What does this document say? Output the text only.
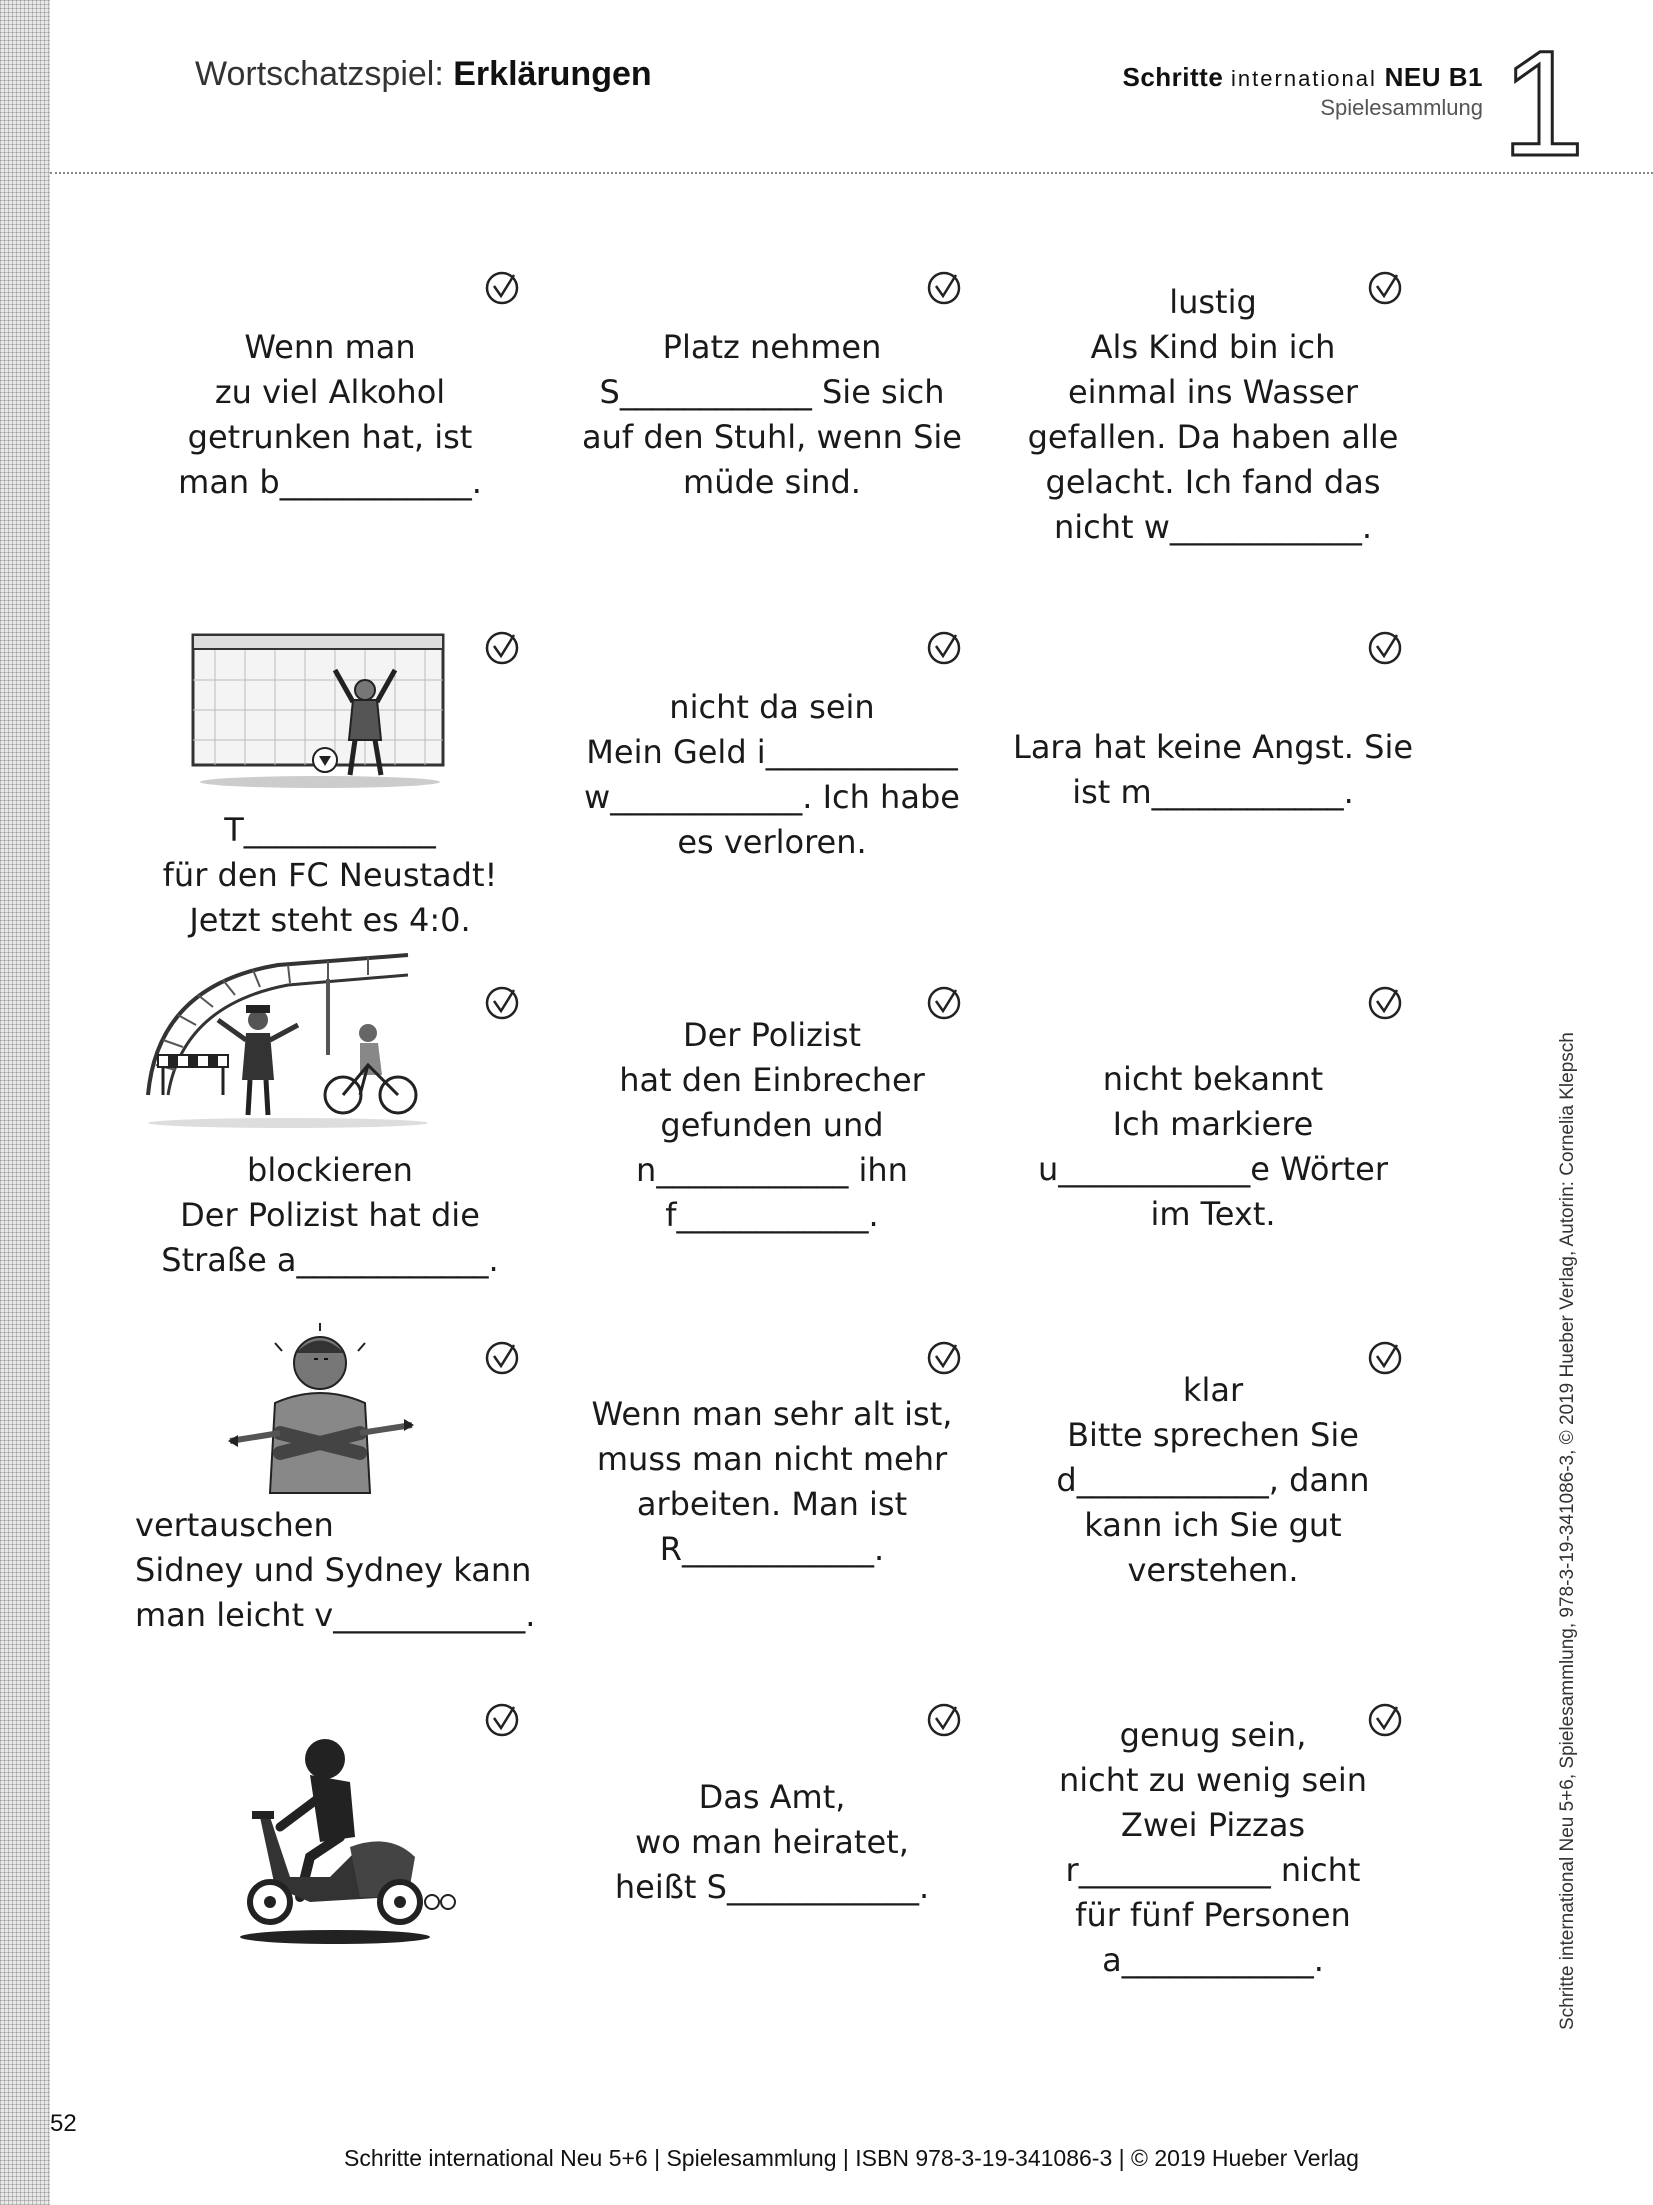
Wortschatzspiel: Erklärungen	Schritte international NEU B1
Spielesammlung 1
Wenn man
zu viel Alkohol
getrunken hat, ist
man b____________.
Platz nehmen
S____________ Sie sich
auf den Stuhl, wenn Sie
müde sind.
lustig
Als Kind bin ich
einmal ins Wasser
gefallen. Da haben alle
gelacht. Ich fand das
nicht w____________.
T____________
für den FC Neustadt!
Jetzt steht es 4:0.
nicht da sein
Mein Geld i____________
w____________. Ich habe
es verloren.
Lara hat keine Angst. Sie
ist m____________.
blockieren
Der Polizist hat die
Straße a____________.
Der Polizist
hat den Einbrecher
gefunden und
n____________ ihn
f____________.
nicht bekannt
Ich markiere
u____________e Wörter
im Text.
vertauschen
Sidney und Sydney kann
man leicht v____________.
Wenn man sehr alt ist,
muss man nicht mehr
arbeiten. Man ist
R____________.
klar
Bitte sprechen Sie
d____________, dann
kann ich Sie gut
verstehen.
Das Amt,
wo man heiratet,
heißt S____________.
genug sein,
nicht zu wenig sein
Zwei Pizzas
r____________ nicht
für fünf Personen
a____________.	Schritte international Neu 5+6, Spielesammlung, 978-3-19-341086-3, © 2019 Hueber Verlag, Autorin: Cornelia Klepsch
52
Schritte international Neu 5+6 | Spielesammlung | ISBN 978-3-19-341086-3 | © 2019 Hueber Verlag
